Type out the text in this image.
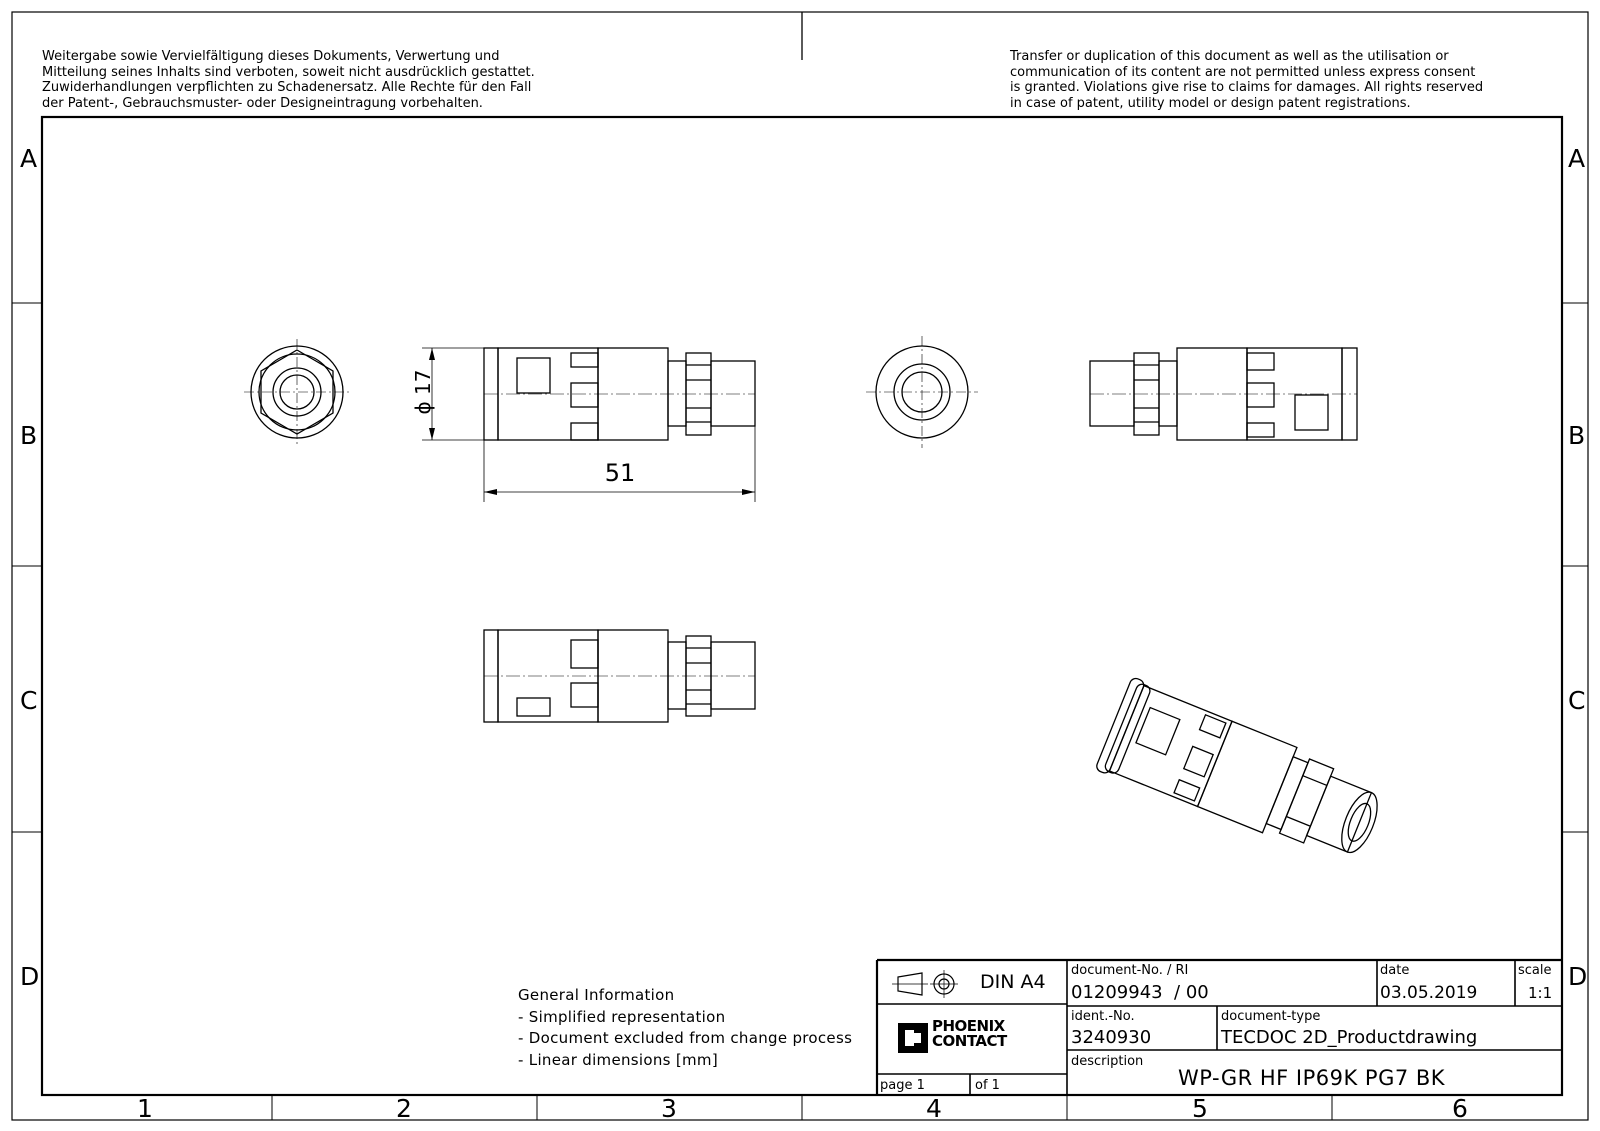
Weitergabe sowie Vervielfältigung dieses Dokuments, Verwertung und
Mitteilung seines Inhalts sind verboten, soweit nicht ausdrücklich gestattet.
Zuwiderhandlungen verpflichten zu Schadenersatz. Alle Rechte für den Fall
der Patent-, Gebrauchsmuster- oder Designeintragung vorbehalten.
Transfer or duplication of this document as well as the utilisation or
communication of its content are not permitted unless express consent
is granted. Violations give rise to claims for damages. All rights reserved
in case of patent, utility model or design patent registrations.
A	A
B	B
C	C
D	D
1	2	3	4	5	6
ϕ 17
51
General Information
- Simplified representation
- Document excluded from change process
- Linear dimensions [mm]
DIN A4
PHOENIX
CONTACT
page 1	of 1
document-No. / RI
01209943  / 00
date
03.05.2019
scale
1:1
ident.-No.
3240930
document-type
TECDOC 2D_Productdrawing
description
WP-GR HF IP69K PG7 BK
